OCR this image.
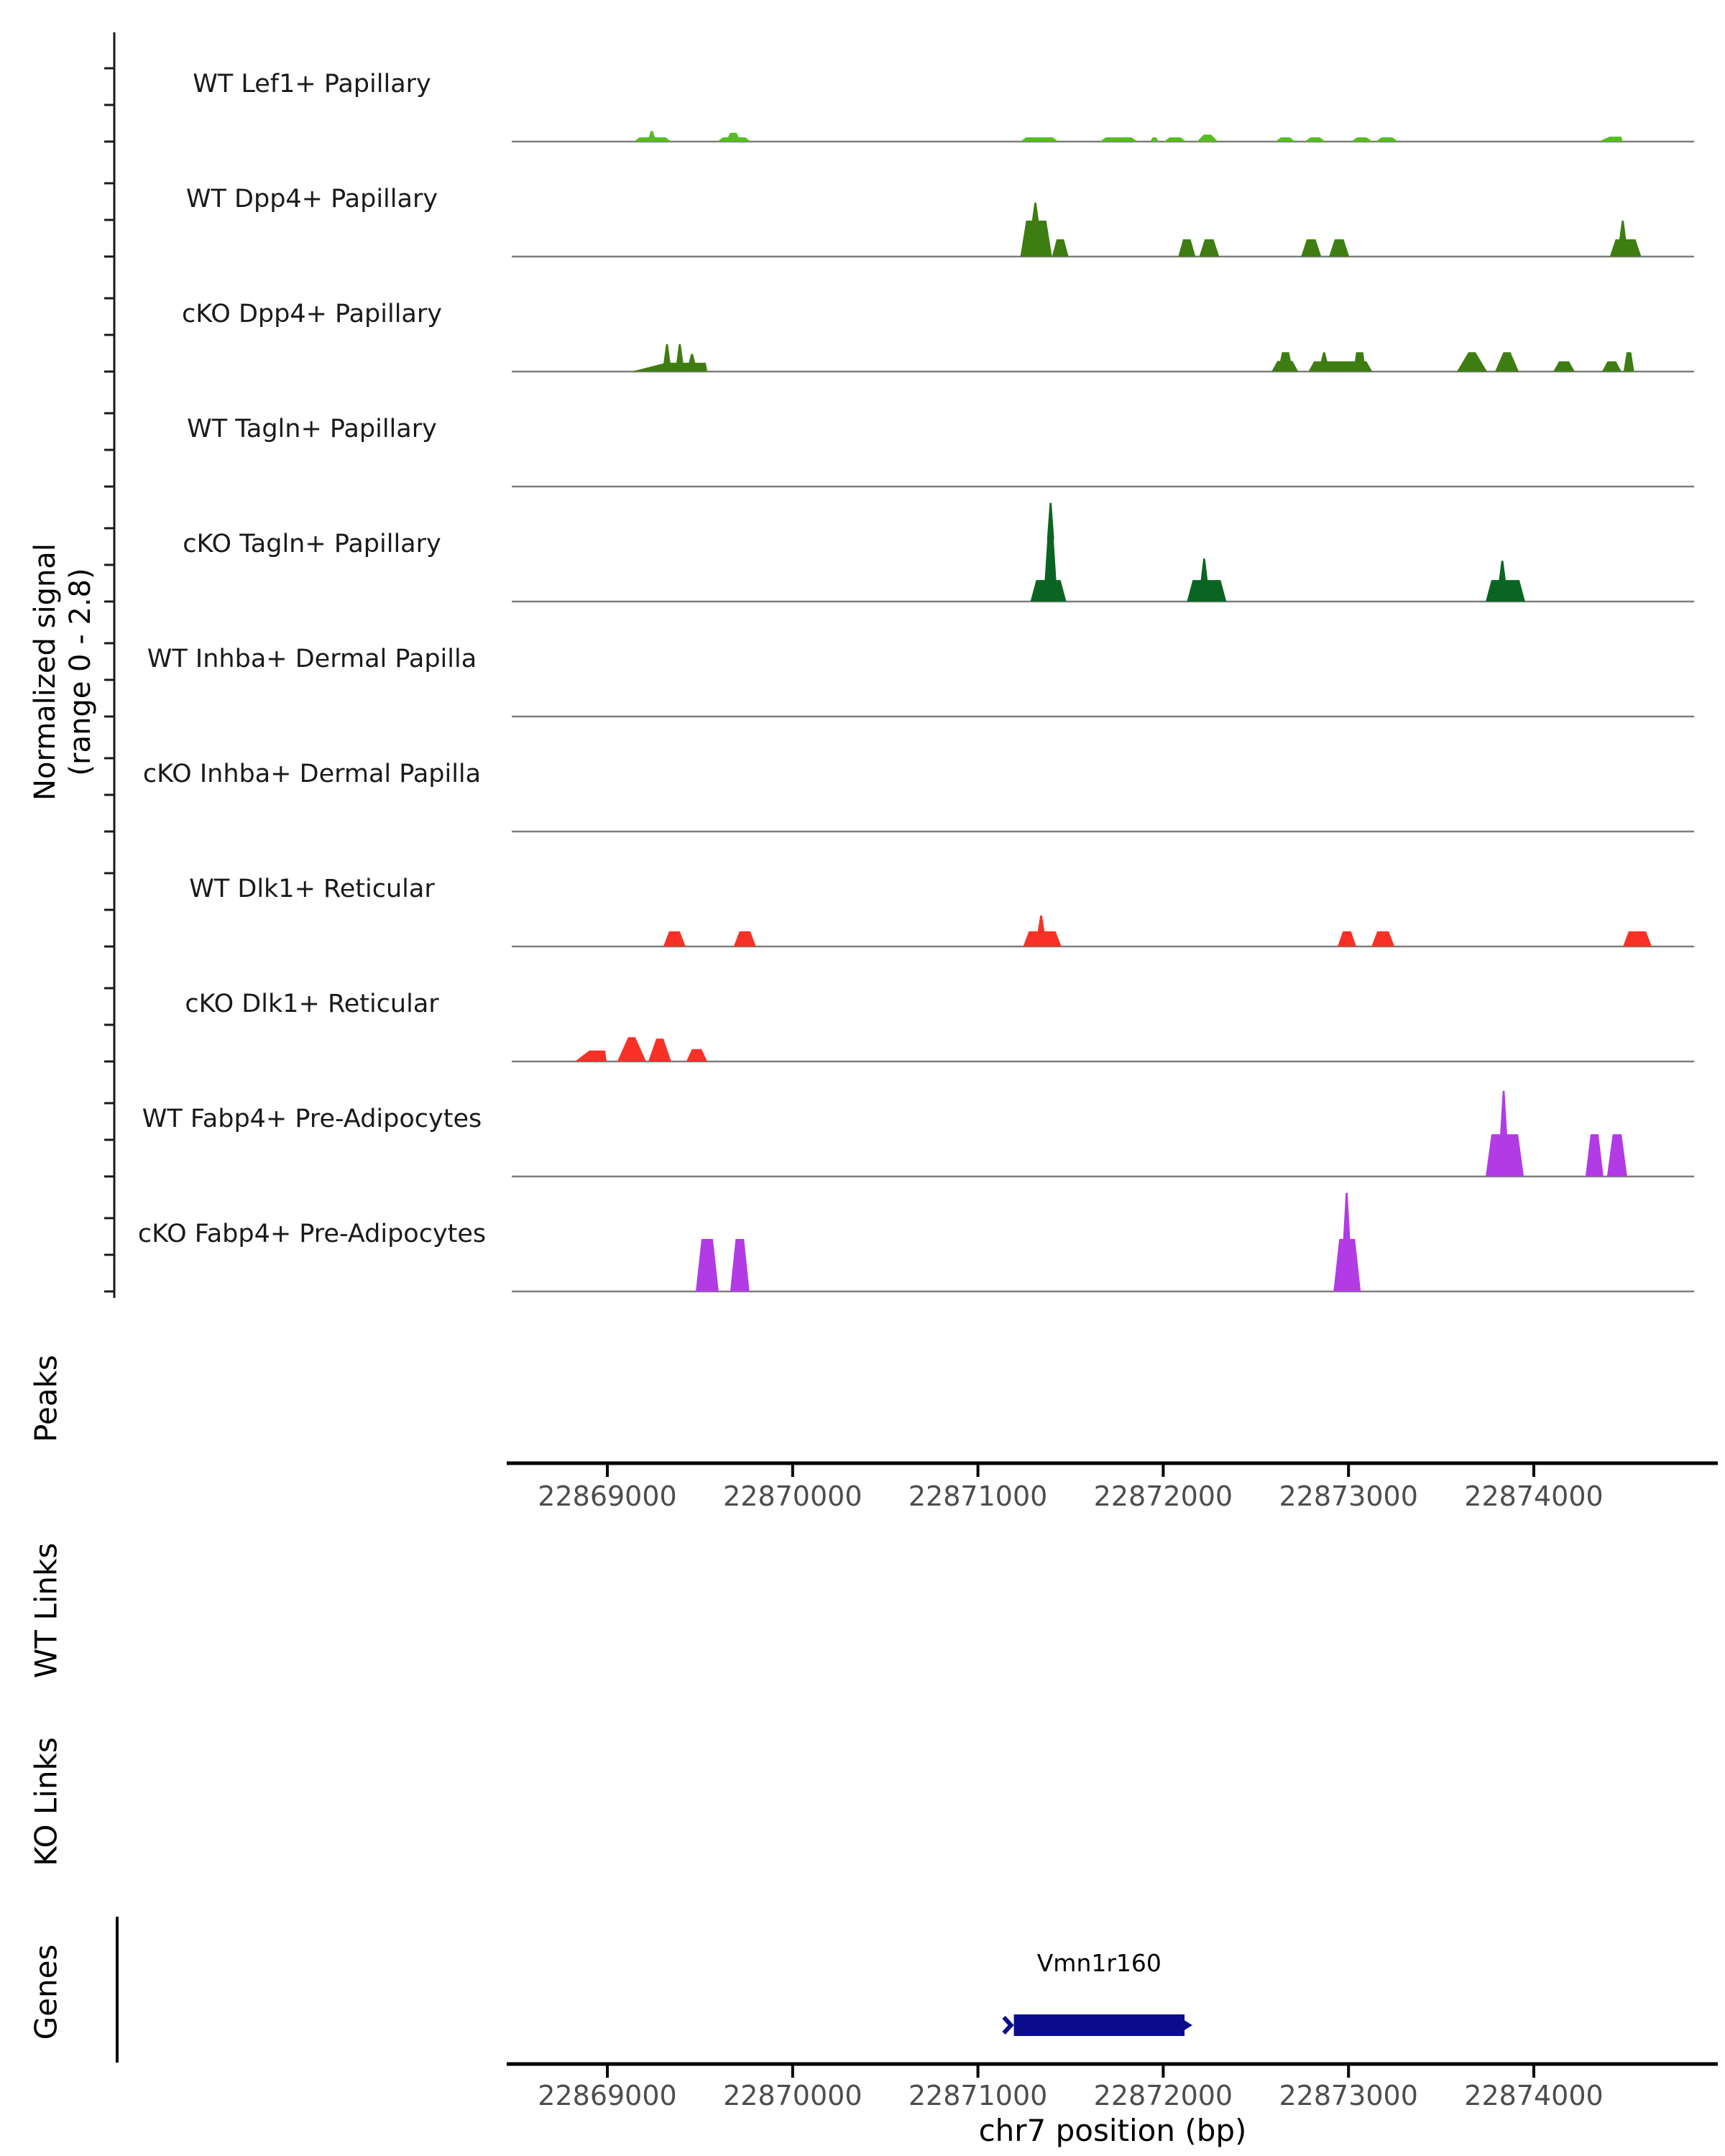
Normalized signal (range 0 - 2.8)
WT Lef1+ Papillary
WT Dpp4+ Papillary
cKO Dpp4+ Papillary
WT Tagln+ Papillary
cKO Tagln+ Papillary
WT Inhba+ Dermal Papilla
cKO Inhba+ Dermal Papilla
WT Dlk1+ Reticular
cKO Dlk1+ Reticular
WT Fabp4+ Pre-Adipocytes
cKO Fabp4+ Pre-Adipocytes
Peaks
WT Links
KO Links
Genes
22869000
22869000
22870000
22870000
22871000
22871000
22872000
22872000
22873000
22873000
22874000
22874000
Vmn1r160
chr7 position (bp)
